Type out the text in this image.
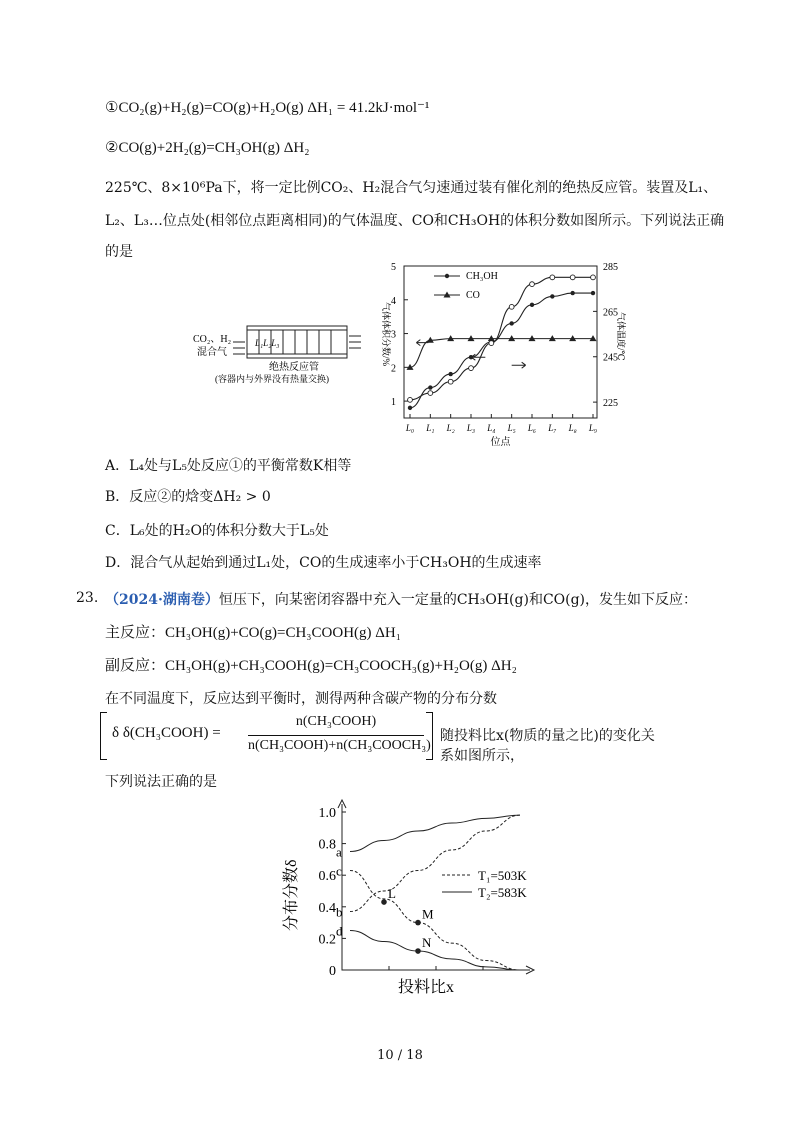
①CO₂(g)+H₂(g)=CO(g)+H₂O(g) ΔH₁ = 41.2kJ·mol⁻¹
②CO(g)+2H₂(g)=CH₃OH(g) ΔH₂
225℃、8×10⁶Pa下，将一定比例CO₂、H₂混合气匀速通过装有催化剂的绝热反应管。装置及L₁、
L₂、L₃…位点处(相邻位点距离相同)的气体温度、CO和CH₃OH的体积分数如图所示。下列说法正确
的是
CO₂、H₂
混合气
L₁L₂L₃
绝热反应管
(容器内与外界没有热量交换)
1
2
3
4
5
225
245
265
285
L₀ L₁ L₂ L₃ L₄ L₅ L₆ L₇ L₈ L₉
位点
气体体积分数/%	气体温度/℃
CH₃OH
CO
A．L₄处与L₅处反应①的平衡常数K相等
B．反应②的焓变ΔH₂ > 0
C．L₆处的H₂O的体积分数大于L₅处
D．混合气从起始到通过L₁处，CO的生成速率小于CH₃OH的生成速率
23. （2024·湖南卷）恒压下，向某密闭容器中充入一定量的CH₃OH(g)和CO(g)，发生如下反应：
主反应：CH₃OH(g)+CO(g)=CH₃COOH(g) ΔH₁
副反应：CH₃OH(g)+CH₃COOH(g)=CH₃COOCH₃(g)+H₂O(g) ΔH₂
在不同温度下，反应达到平衡时，测得两种含碳产物的分布分数
δ δ(CH₃COOH) =
n(CH₃COOH)
n(CH₃COOH)+n(CH₃COOCH₃)
随投料比x(物质的量之比)的变化关系如图所示，
下列说法正确的是
0
0.2
0.4
0.6
0.8
1.0
分布分数δ
投料比x
a
b
c
d
L
M
N
T₁=503K
T₂=583K
10 / 18
